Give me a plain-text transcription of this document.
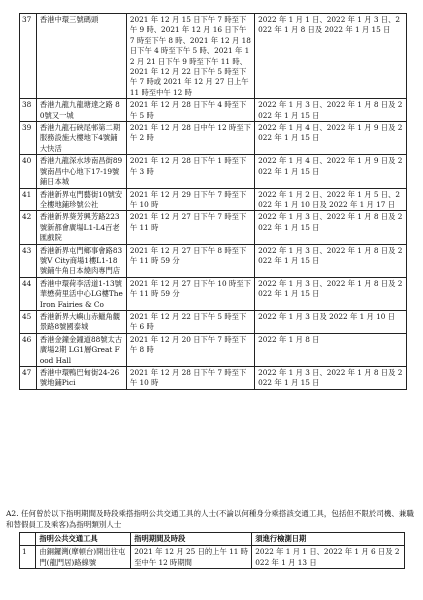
37	香港中環三號碼頭	2021 年 12 月 15 日下午 7 時至下午 9 時、2021 年 12 月 16 日下午 7 時至下午 8 時、2021 年 12 月 18 日下午 4 時至下午 5 時、2021 年 12 月 21 日下午 9 時至下午 11 時、2021 年 12 月 22 日下午 5 時至下午 7 時或 2021 年 12 月 27 日上午 11 時至中午 12 時	2022 年 1 月 1 日、2022 年 1 月 3 日、2022 年 1 月 8 日及 2022 年 1 月 15 日
38	香港九龍九龍塘達之路 80號又一城	2021 年 12 月 28 日下午 4 時至下午 5 時	2022 年 1 月 3 日、2022 年 1 月 8 日及 2022 年 1 月 15 日
39	香港九龍石硤尾邨第二期服務設施大樓地下4號鋪大快活	2021 年 12 月 28 日中午 12 時至下午 2 時	2022 年 1 月 4 日、2022 年 1 月 9 日及 2022 年 1 月 15 日
40	香港九龍深水埗南昌街89號南昌中心地下17-19號鋪日本城	2021 年 12 月 28 日下午 1 時至下午 3 時	2022 年 1 月 4 日、2022 年 1 月 9 日及 2022 年 1 月 15 日
41	香港新界屯門藝街10號安全樓地鋪珍號公社	2021 年 12 月 29 日下午 7 時至下午 10 時	2022 年 1 月 2 日、2022 年 1 月 5 日、2022 年 1 月 10 日及 2022 年 1 月 17 日
42	香港新界葵芳興芳路223號新都會廣場L1-L4百老匯戲院	2021 年 12 月 27 日下午 7 時至下午 11 時	2022 年 1 月 3 日、2022 年 1 月 8 日及 2022 年 1 月 15 日
43	香港新界屯門鄉事會路83號V City商場1樓L1-18號鋪牛角日本燒肉專門店	2021 年 12 月 27 日下午 8 時至下午 11 時 59 分	2022 年 1 月 3 日、2022 年 1 月 8 日及 2022 年 1 月 15 日
44	香港中環荷李活道1-13號華懋荷里活中心LG樓The Iron Fairies & Co	2021 年 12 月 27 日下午 10 時至下午 11 時 59 分	2022 年 1 月 3 日、2022 年 1 月 8 日及 2022 年 1 月 15 日
45	香港新界大嶼山赤鱲角觀景路8號國泰城	2021 年 12 月 22 日下午 5 時至下午 6 時	2022 年 1 月 3 日及 2022 年 1 月 10 日
46	香港金鐘金鐘道88號太古廣場2期 LG1層Great Food Hall	2021 年 12 月 20 日下午 7 時至下午 8 時	2022 年 1 月 8 日
47	香港中環鴨巴甸街24-26號地鋪Pici	2021 年 12 月 28 日下午 7 時至下午 10 時	2022 年 1 月 3 日、2022 年 1 月 8 日及 2022 年 1 月 15 日
A2. 任何曾於以下指明期間及時段乘搭指明公共交通工具的人士(不論以何種身分乘搭該交通工具，包括但不限於司機、兼職和替假員工及乘客)為指明類別人士
	指明公共交通工具	指明期間及時段	須進行檢測日期
1	由銅鑼灣(摩頓台)開出往屯門(龍門居)路線號	2021 年 12 月 25 日的上午 11 時至中午 12 時期間	2022 年 1 月 1 日、2022 年 1 月 6 日及 2022 年 1 月 13 日
